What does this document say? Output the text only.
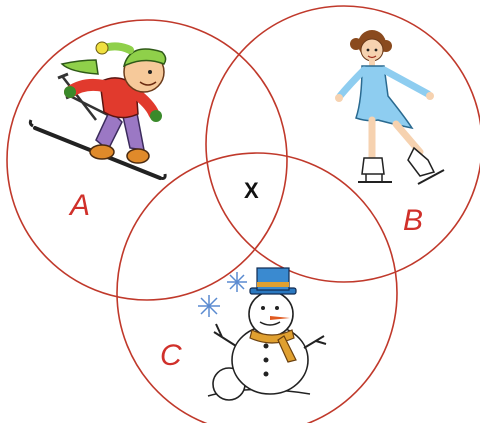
A	B
C
X
